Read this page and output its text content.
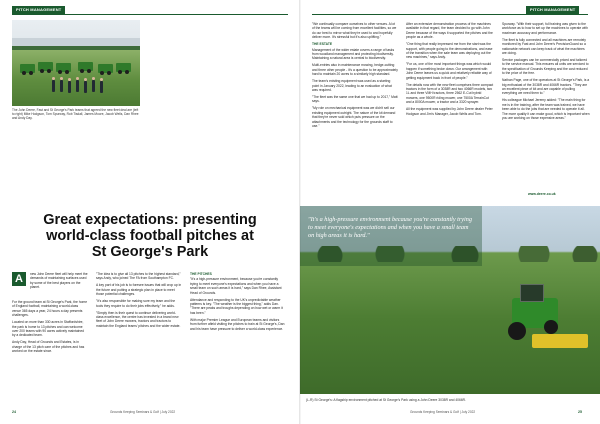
PITCH MANAGEMENT
The John Deere, Fast and St George's Park teams that agreed the new fleet deal are (left to right) Mike Hodgson, Tom Spurway, Rob Tisdall, James Moore, Jacob Wells, Dan Rhee and Andy Day.
Great expectations: presenting
world-class football pitches at
St George's Park
A	new John Deere fleet will help meet the demands of maintaining surfaces used by some of the best players on the planet.

For the ground team at St George's Park, the home of England football, maintaining a world-class venue 365 days a year, 24 hours a day presents challenges.

Located on more than 330 acres in Staffordshire, the park is home to 13 pitches and can welcome over 200 teams with 90 acres actively maintained by a dedicated team.

Andy Day, Head of Grounds and Estates, is in charge of the 13 pitch care of the pitches and has worked on the estate since.

"The idea is to give all 13 pitches to the highest standard," says Andy, who joined The FA from Southampton FC.

A key part of his job is to foresee issues that will crop up in the future and putting a strategic plan in place to meet those potential challenges.

"It's also responsible for making sure my team and the tools they require to do their jobs effectively," he adds.

"Simply then is their quest to continue delivering world-class excellence, the centre has invested in a brand new fleet of John Deere mowers, tractors and tractors to maintain the England teams' pitches and the wider estate.

THE PITCHES

"It's a high-pressure environment, because you're constantly trying to meet everyone's expectations and when you have a small team on such areas it is hard," says Dan Rhee, Assistant Head of Grounds.

Attendance and responding to the UK's unpredictable weather patterns is key. "The weather is the biggest thing," adds Dan. "There are peaks and troughs depending on how wet or warm it has been."

With major Premier League and European teams and visitors from further afield visiting the pitches to train at St George's, Dan and his team have pressure to deliver a world-class experience.

24	Grounds Keeping Seminars & Golf | July 2022
PITCH MANAGEMENT

"We continually compare ourselves to other venues. A lot of the teams will be coming from excellent facilities, so we do our best to mirror what they're used to and hopefully deliver more. It's stressful but it's also uplifting."

THE ESTATE

Management of the wider estate covers a range of tasks from woodland management and protecting biodiversity. Maintaining a natural area is central to biodiversity.

Multi-entries also in maintenance mowing, hedge-cutting and three other people - it's a question to be approximately hard to maintain 20 acres to a similarly high standard.

The team's existing equipment was used as a starting point in January 2022, leading to an evaluation of what was required.

"The fleet was the same one that we had up to 2017," Matt says.

"My role on mechanical equipment was we didn't sell our existing equipment outright. The nature of the kit demand that they're never sold which puts pressure on the attachments and the technology for the grounds staff to use."

After an extensive demonstration process of the machines available in that regard, the team decided to go with John Deere because of the ways it supported the pitches and the people as a whole.

"One thing that really impressed me from the start was the support, with people going to the demonstrations, and ease of the transition when the sale team was deploying out the new machines," says Andy.

"For us, one of the most important things was which would happen if something broke down. Our arrangement with John Deere leaves us a quick and relatively reliable way of getting equipment back in front of people."

The details now with the new fleet comprises three compact tractors in the form of a 3038R and two 4066R models, two 1L and three VMH tractors, three 2562 E-Cut hybrid mowers, one 9500R riding mower, one 7500A TerrainCut and a 8000A mower, a tractor and a 3320 sprayer.

All the equipment was supplied by John Deere dealer Peter Hodgson and Jim's Manager, Jacob Wells and Tom.

Spurway. "With their support, full training was given to the workforce as to how to set up the machines to operate with maximum accuracy and performance.

The fleet is fully connected and all machines are remotely monitored by Fast and John Deere's PrecisionGuard so a nationwide network can keep track of what the machines are doing.

Service packages can be commercially priced and tailored to the service manual. This ensures all units are serviced to the specification of Grounds Keeping and the cost reduced to the price of the free.

Nathan Page, one of the operators at St George's Park, is a big enthusiast of the 3038R and 4066R tractors. "They are an excellent piece of kit and are capable of pulling everything we need them to."

His colleague Michael Jeremy added: "The main thing for me is in the training, after the team was trained, we have been able to do the jobs that are needed to operate it all. The more quality it can make good, which is important when you are working on those expensive areas."

www.deere.co.uk
"It's a high-pressure environment because you're constantly trying to meet everyone's expectations and when you have a small team on high areas it is hard."
(L-R) St George's: A flagship environment pitched at St George's Park using a John Deere 3038R and 4066R.
25
Grounds Keeping Seminars & Golf | July 2022
